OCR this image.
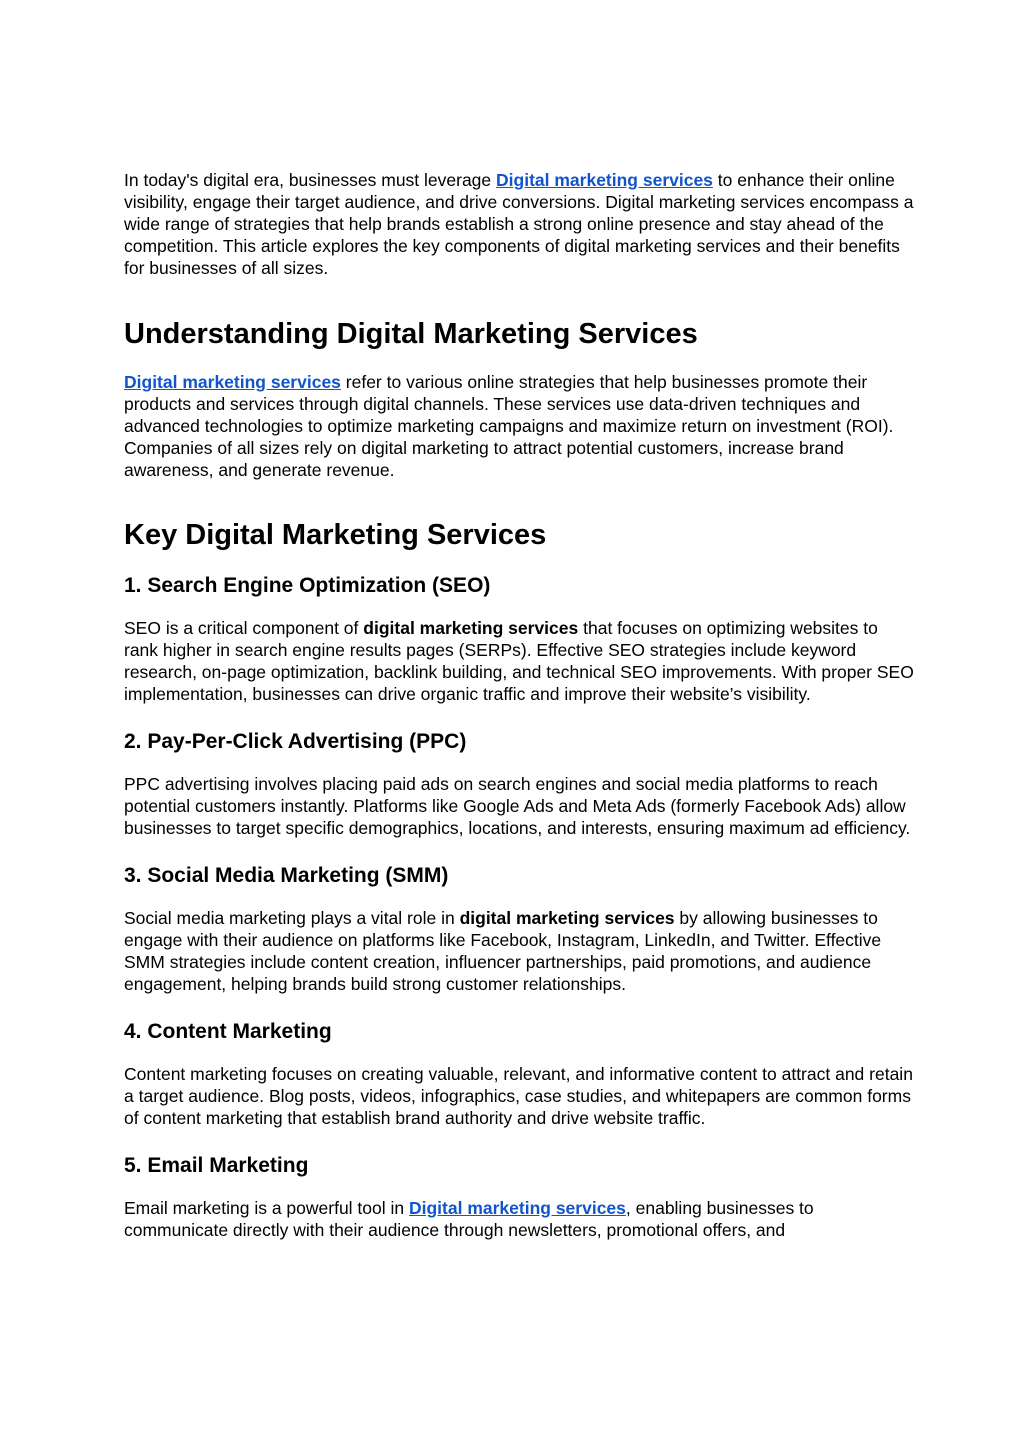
In today's digital era, businesses must leverage Digital marketing services to enhance their online visibility, engage their target audience, and drive conversions. Digital marketing services encompass a wide range of strategies that help brands establish a strong online presence and stay ahead of the competition. This article explores the key components of digital marketing services and their benefits for businesses of all sizes.

Understanding Digital Marketing Services

Digital marketing services refer to various online strategies that help businesses promote their products and services through digital channels. These services use data-driven techniques and advanced technologies to optimize marketing campaigns and maximize return on investment (ROI). Companies of all sizes rely on digital marketing to attract potential customers, increase brand awareness, and generate revenue.

Key Digital Marketing Services
1. Search Engine Optimization (SEO)

SEO is a critical component of digital marketing services that focuses on optimizing websites to rank higher in search engine results pages (SERPs). Effective SEO strategies include keyword research, on-page optimization, backlink building, and technical SEO improvements. With proper SEO implementation, businesses can drive organic traffic and improve their website’s visibility.

2. Pay-Per-Click Advertising (PPC)

PPC advertising involves placing paid ads on search engines and social media platforms to reach potential customers instantly. Platforms like Google Ads and Meta Ads (formerly Facebook Ads) allow businesses to target specific demographics, locations, and interests, ensuring maximum ad efficiency.

3. Social Media Marketing (SMM)

Social media marketing plays a vital role in digital marketing services by allowing businesses to engage with their audience on platforms like Facebook, Instagram, LinkedIn, and Twitter. Effective SMM strategies include content creation, influencer partnerships, paid promotions, and audience engagement, helping brands build strong customer relationships.

4. Content Marketing

Content marketing focuses on creating valuable, relevant, and informative content to attract and retain a target audience. Blog posts, videos, infographics, case studies, and whitepapers are common forms of content marketing that establish brand authority and drive website traffic.

5. Email Marketing

Email marketing is a powerful tool in Digital marketing services, enabling businesses to communicate directly with their audience through newsletters, promotional offers, and
